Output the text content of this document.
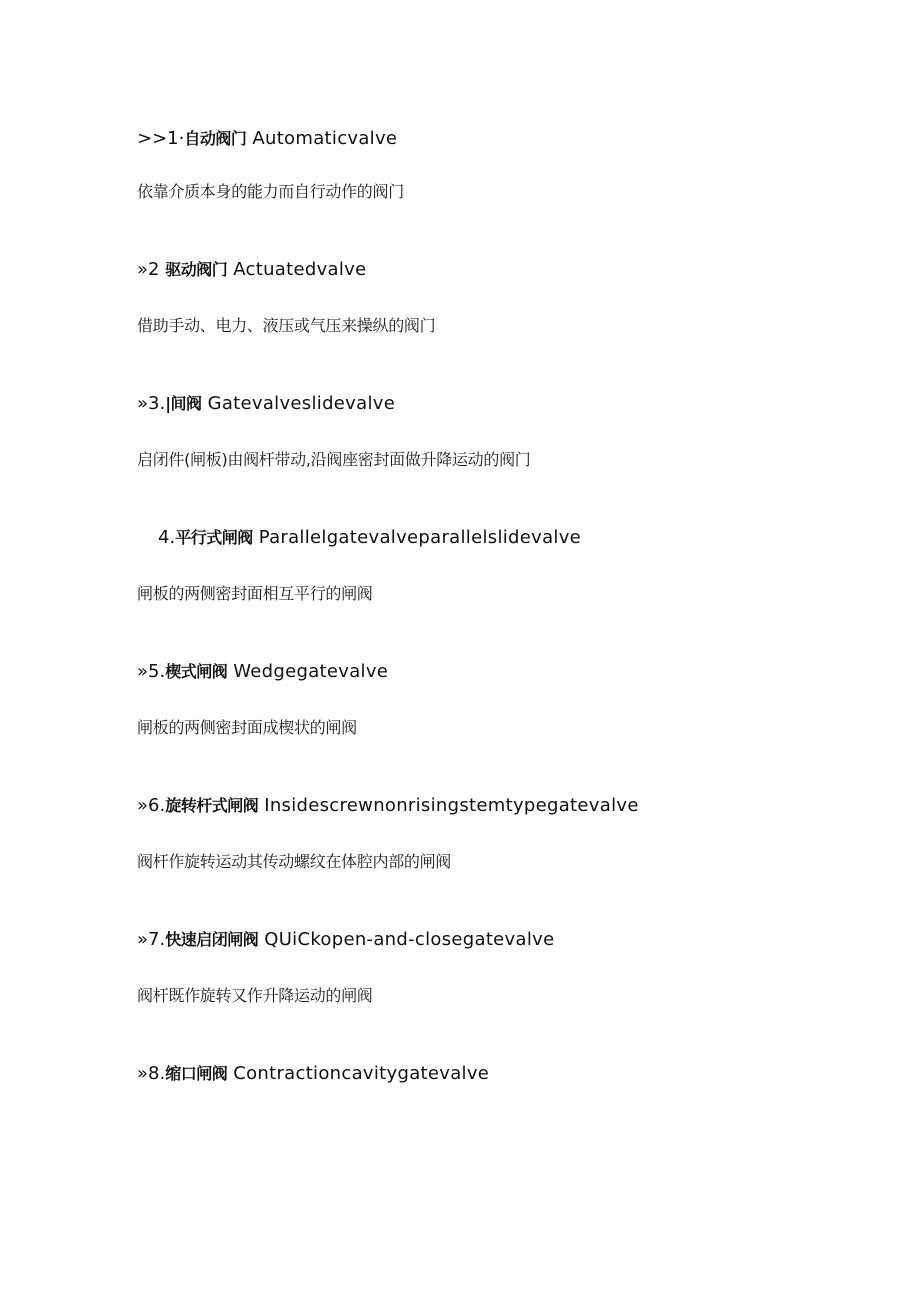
>>1·自动阀门 Automaticvalve
依靠介质本身的能力而自行动作的阀门
»2 驱动阀门 Actuatedvalve
借助手动、电力、液压或气压来操纵的阀门
»3.|间阀 Gatevalveslidevalve
启闭件(闸板)由阀杆带动,沿阀座密封面做升降运动的阀门
4.平行式闸阀 Parallelgatevalveparallelslidevalve
闸板的两侧密封面相互平行的闸阀
»5.楔式闸阀 Wedgegatevalve
闸板的两侧密封面成楔状的闸阀
»6.旋转杆式闸阀 Insidescrewnonrisingstemtypegatevalve
阀杆作旋转运动其传动螺纹在体腔内部的闸阀
»7.快速启闭闸阀 QUiCkopen-and-closegatevalve
阀杆既作旋转又作升降运动的闸阀
»8.缩口闸阀 Contractioncavitygatevalve
